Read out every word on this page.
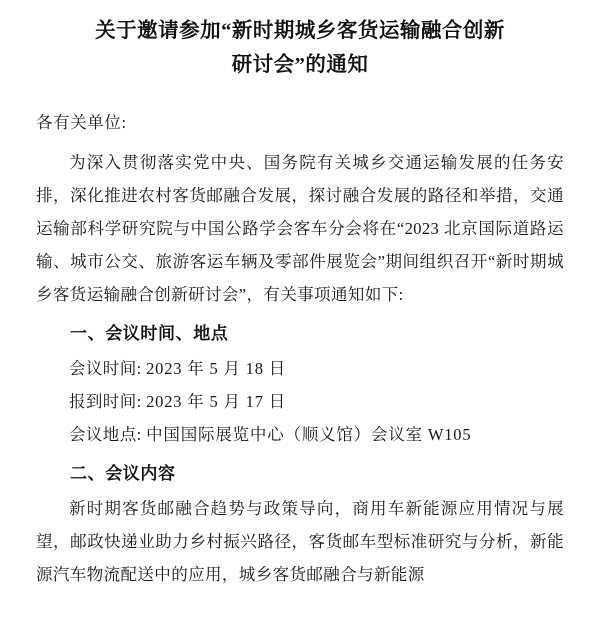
关于邀请参加“新时期城乡客货运输融合创新
研讨会”的通知

各有关单位:

为深入贯彻落实党中央、国务院有关城乡交通运输发展的任务安排，深化推进农村客货邮融合发展，探讨融合发展的路径和举措，交通运输部科学研究院与中国公路学会客车分会将在“2023 北京国际道路运输、城市公交、旅游客运车辆及零部件展览会”期间组织召开“新时期城乡客货运输融合创新研讨会”，有关事项通知如下:

一、会议时间、地点

会议时间: 2023 年 5 月 18 日

报到时间: 2023 年 5 月 17 日

会议地点: 中国国际展览中心（顺义馆）会议室 W105

二、会议内容

新时期客货邮融合趋势与政策导向，商用车新能源应用情况与展望，邮政快递业助力乡村振兴路径，客货邮车型标准研究与分析，新能源汽车物流配送中的应用，城乡客货邮融合与新能源
